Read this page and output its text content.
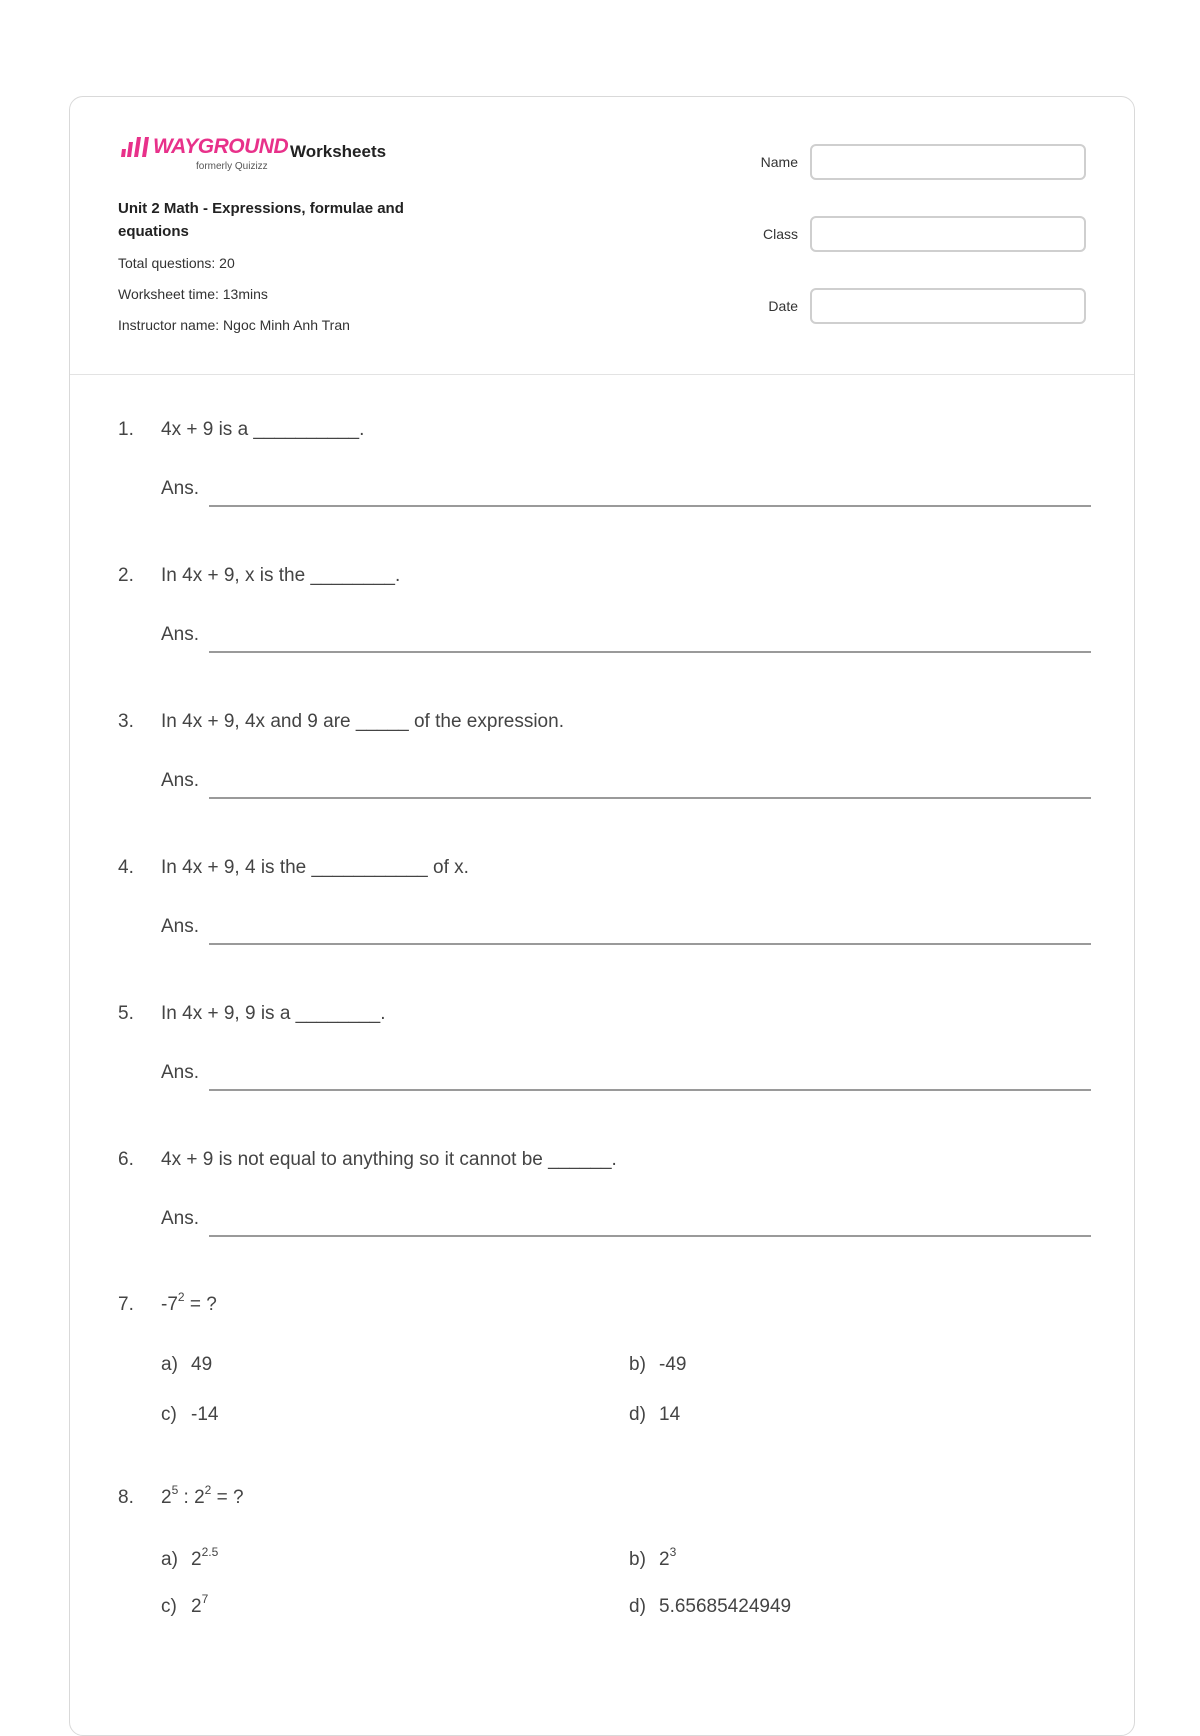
WAYGROUND
formerly Quizizz
Worksheets
Unit 2 Math - Expressions, formulae and equations
Total questions: 20
Worksheet time: 13mins
Instructor name: Ngoc Minh Anh Tran
Name
Class
Date
1.	4x + 9 is a __________.
Ans.
2.	In 4x + 9, x is the ________.
Ans.
3.	In 4x + 9, 4x and 9 are _____ of the expression.
Ans.
4.	In 4x + 9, 4 is the ___________ of x.
Ans.
5.	In 4x + 9, 9 is a ________.
Ans.
6.	4x + 9 is not equal to anything so it cannot be ______.
Ans.
7.	$-7^2$ = ?
a) 49	b) -49
c) -14	d) 14
8.	$2^5$ : $2^2$ = ?
a) $2^{2.5}$	b) $2^3$
c) $2^7$	d) 5.65685424949
